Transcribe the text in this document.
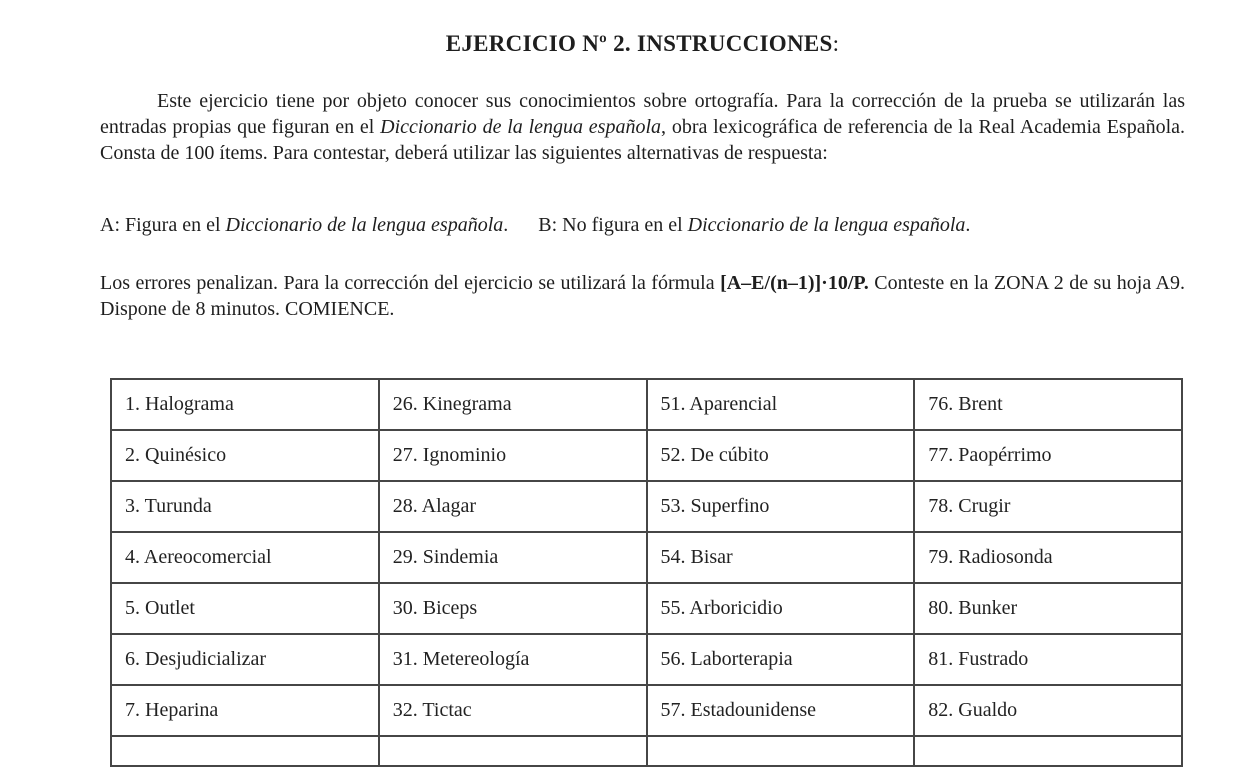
EJERCICIO Nº 2. INSTRUCCIONES:

Este ejercicio tiene por objeto conocer sus conocimientos sobre ortografía. Para la corrección de la prueba se utilizarán las entradas propias que figuran en el Diccionario de la lengua española, obra lexicográfica de referencia de la Real Academia Española. Consta de 100 ítems. Para contestar, deberá utilizar las siguientes alternativas de respuesta:

A: Figura en el Diccionario de la lengua española. B: No figura en el Diccionario de la lengua española.

Los errores penalizan. Para la corrección del ejercicio se utilizará la fórmula [A–E/(n–1)]·10/P. Conteste en la ZONA 2 de su hoja A9. Dispone de 8 minutos. COMIENCE.

1. Halograma	26. Kinegrama	51. Aparencial	76. Brent
2. Quinésico	27. Ignominio	52. De cúbito	77. Paopérrimo
3. Turunda	28. Alagar	53. Superfino	78. Crugir
4. Aereocomercial	29. Sindemia	54. Bisar	79. Radiosonda
5. Outlet	30. Biceps	55. Arboricidio	80. Bunker
6. Desjudicializar	31. Metereología	56. Laborterapia	81. Fustrado
7. Heparina	32. Tictac	57. Estadounidense	82. Gualdo
